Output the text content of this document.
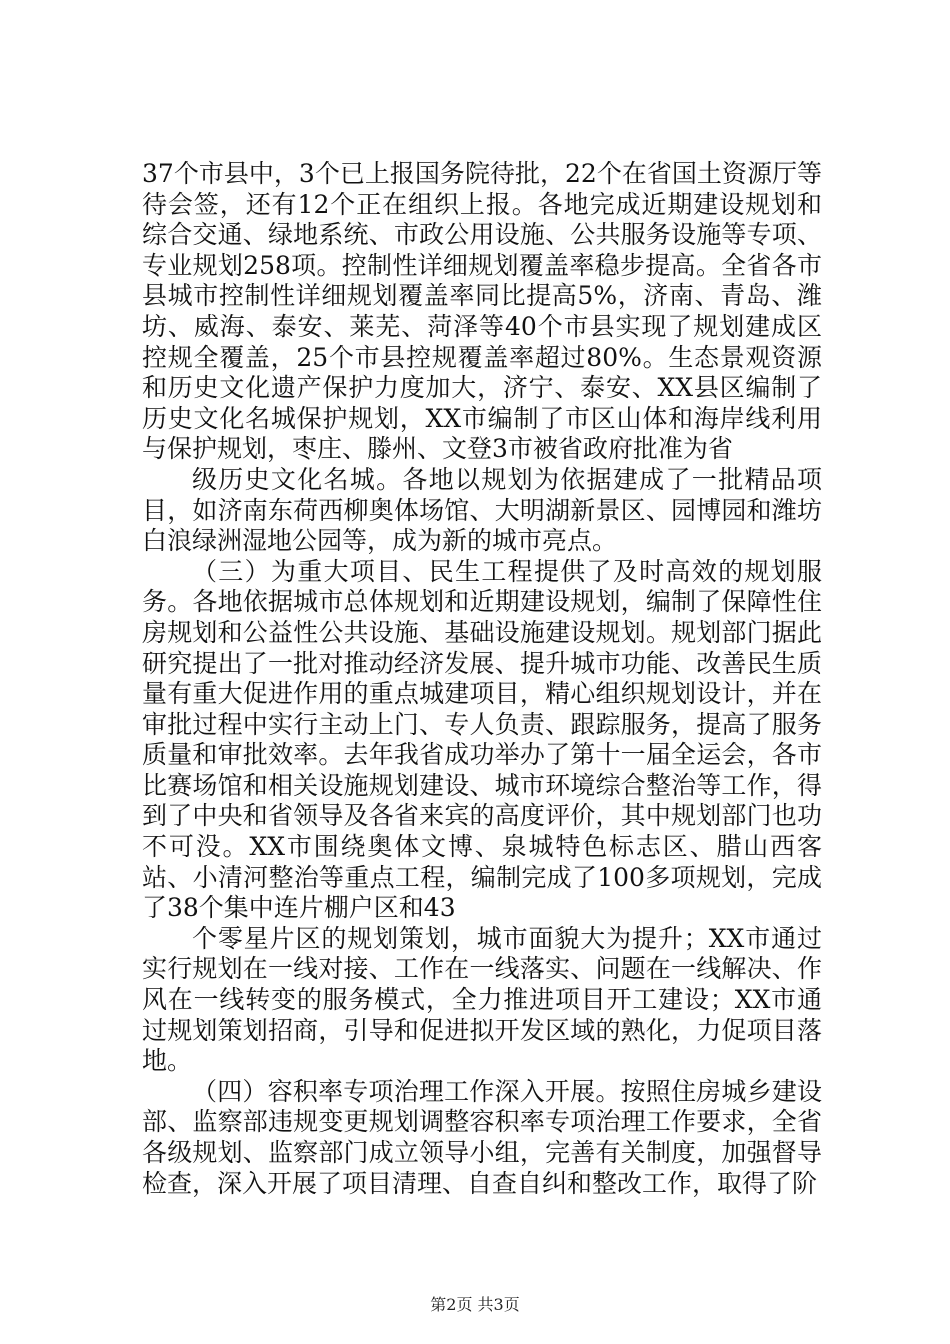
37个市县中，3个已上报国务院待批，22个在省国土资源厅等待会签，还有12个正在组织上报。各地完成近期建设规划和综合交通、绿地系统、市政公用设施、公共服务设施等专项、专业规划258项。控制性详细规划覆盖率稳步提高。全省各市县城市控制性详细规划覆盖率同比提高5%，济南、青岛、潍坊、威海、泰安、莱芜、菏泽等40个市县实现了规划建成区控规全覆盖，25个市县控规覆盖率超过80%。生态景观资源和历史文化遗产保护力度加大，济宁、泰安、XX县区编制了历史文化名城保护规划，XX市编制了市区山体和海岸线利用与保护规划，枣庄、滕州、文登3市被省政府批准为省

级历史文化名城。各地以规划为依据建成了一批精品项目，如济南东荷西柳奥体场馆、大明湖新景区、园博园和潍坊白浪绿洲湿地公园等，成为新的城市亮点。

（三）为重大项目、民生工程提供了及时高效的规划服务。各地依据城市总体规划和近期建设规划，编制了保障性住房规划和公益性公共设施、基础设施建设规划。规划部门据此研究提出了一批对推动经济发展、提升城市功能、改善民生质量有重大促进作用的重点城建项目，精心组织规划设计，并在审批过程中实行主动上门、专人负责、跟踪服务，提高了服务质量和审批效率。去年我省成功举办了第十一届全运会，各市比赛场馆和相关设施规划建设、城市环境综合整治等工作，得到了中央和省领导及各省来宾的高度评价，其中规划部门也功不可没。XX市围绕奥体文博、泉城特色标志区、腊山西客站、小清河整治等重点工程，编制完成了100多项规划，完成了38个集中连片棚户区和43

个零星片区的规划策划，城市面貌大为提升；XX市通过实行规划在一线对接、工作在一线落实、问题在一线解决、作风在一线转变的服务模式，全力推进项目开工建设；XX市通过规划策划招商，引导和促进拟开发区域的熟化，力促项目落地。

（四）容积率专项治理工作深入开展。按照住房城乡建设部、监察部违规变更规划调整容积率专项治理工作要求，全省各级规划、监察部门成立领导小组，完善有关制度，加强督导检查，深入开展了项目清理、自查自纠和整改工作，取得了阶

第2页 共3页
